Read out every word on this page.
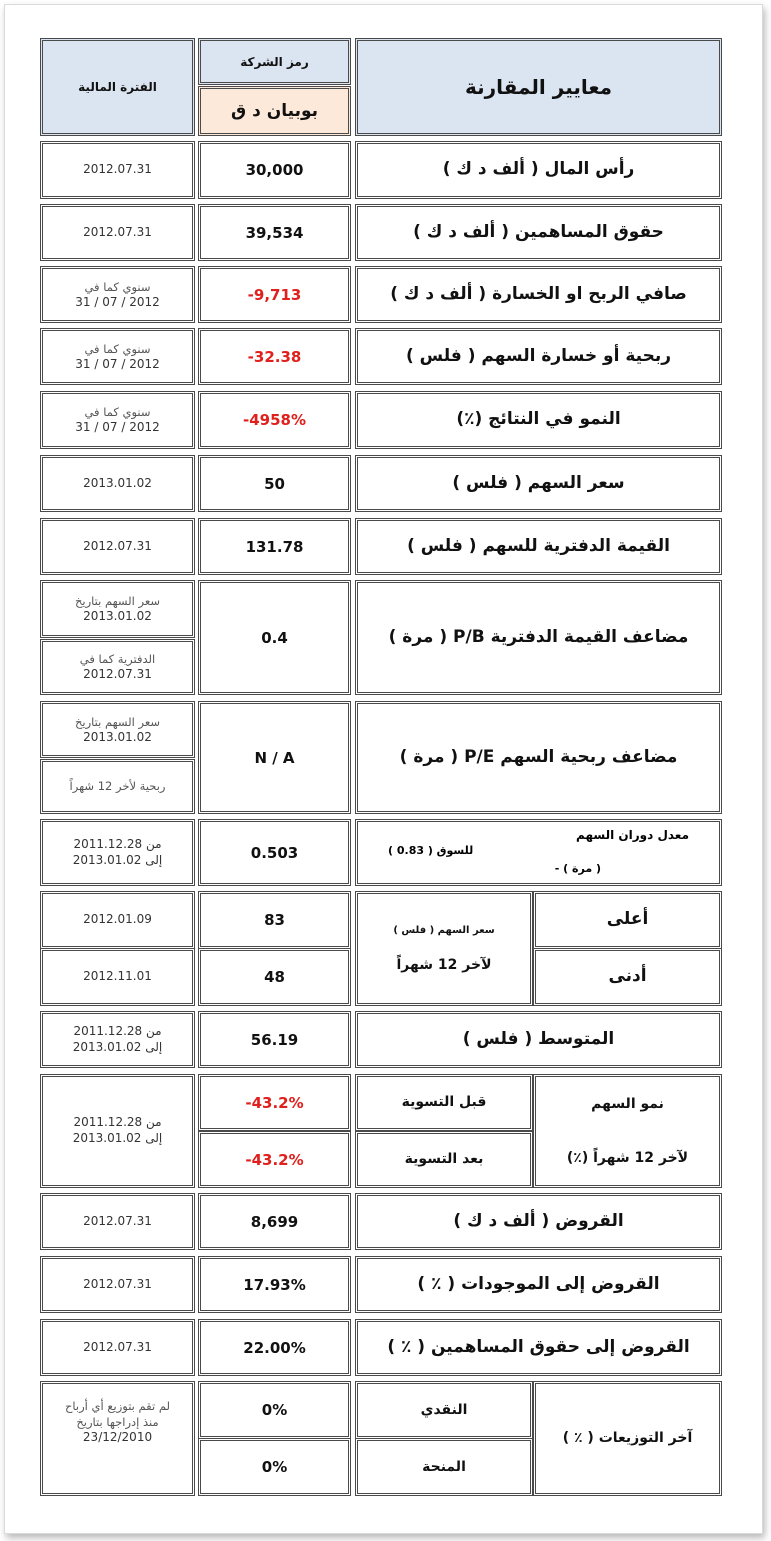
معايير المقارنة
رمز الشركة
بوبيان د ق
الفترة المالية
رأس المال ( ألف د ك )
30,000
2012.07.31
حقوق المساهمين ( ألف د ك )
39,534
2012.07.31
صافي الربح او الخسارة ( ألف د ك )
-9,713
سنوي كما في
2012 / 07 / 31
ربحية أو خسارة السهم ( فلس )
-32.38
سنوي كما في
2012 / 07 / 31
النمو في النتائج (٪)
-4958%
سنوي كما في
2012 / 07 / 31
سعر السهم ( فلس )
50
2013.01.02
القيمة الدفترية للسهم ( فلس )
131.78
2012.07.31
مضاعف القيمة الدفترية P/B ( مرة )
0.4
سعر السهم بتاريخ
2013.01.02
الدفترية كما في
2012.07.31
مضاعف ربحية السهم P/E ( مرة )
N / A
سعر السهم بتاريخ
2013.01.02
ربحية لأخر 12 شهراً
معدل دوران السهم
للسوق ( 0.83 )
( مرة ) -
0.503
من 2011.12.28
إلى 2013.01.02
أعلى
أدنى
سعر السهم ( فلس )
لآخر 12 شهراً
83
48
2012.01.09
2012.11.01
المتوسط ( فلس )
56.19
من 2011.12.28
إلى 2013.01.02
نمو السهم
لآخر 12 شهراً (٪)
قبل التسوية
بعد التسوية
-43.2%
-43.2%
من 2011.12.28
إلى 2013.01.02
القروض ( ألف د ك )
8,699
2012.07.31
القروض إلى الموجودات ( ٪ )
17.93%
2012.07.31
القروض إلى حقوق المساهمين ( ٪ )
22.00%
2012.07.31
آخر التوزيعات ( ٪ )
النقدي
المنحة
0%
0%
لم تقم بتوزيع أي أرباح
منذ إدراجها بتاريخ
23/12/2010
